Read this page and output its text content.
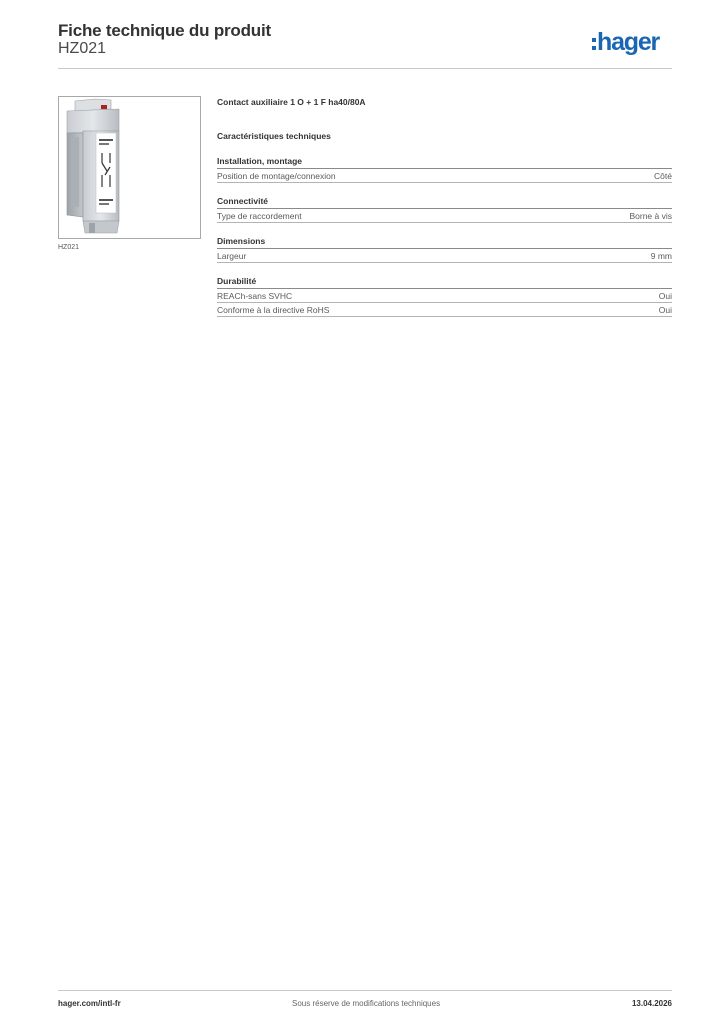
Fiche technique du produit
HZ021	hager
HZ021
Contact auxiliaire 1 O + 1 F ha40/80A
Caractéristiques techniques
Installation, montage
Position de montage/connexion	Côté
Connectivité
Type de raccordement	Borne à vis
Dimensions
Largeur	9 mm
Durabilité
REACh-sans SVHC	Oui
Conforme à la directive RoHS	Oui
hager.com/intl-fr	Sous réserve de modifications techniques	13.04.2026
